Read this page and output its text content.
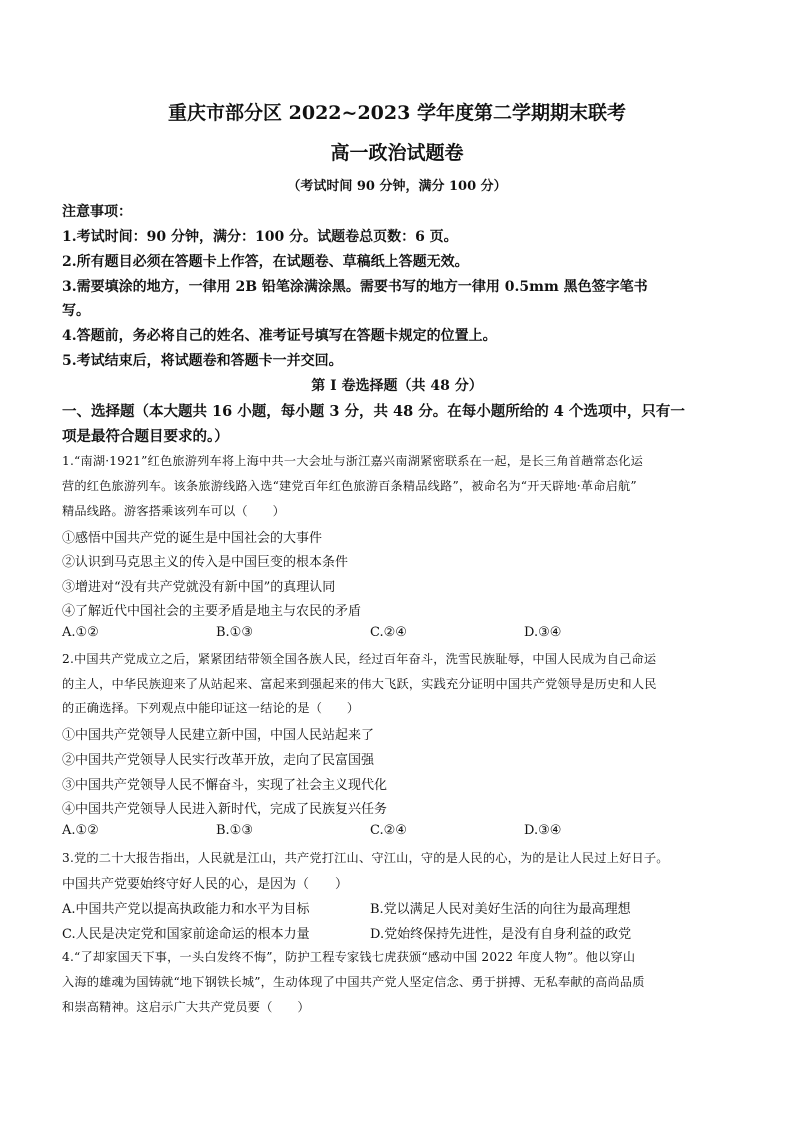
重庆市部分区 2022~2023 学年度第二学期期末联考
高一政治试题卷
（考试时间 90 分钟，满分 100 分）
注意事项：
1.考试时间：90 分钟，满分：100 分。试题卷总页数：6 页。
2.所有题目必须在答题卡上作答，在试题卷、草稿纸上答题无效。
3.需要填涂的地方，一律用 2B 铅笔涂满涂黑。需要书写的地方一律用 0.5mm 黑色签字笔书
写。
4.答题前，务必将自己的姓名、准考证号填写在答题卡规定的位置上。
5.考试结束后，将试题卷和答题卡一并交回。
第 I 卷选择题（共 48 分）
一、选择题（本大题共 16 小题，每小题 3 分，共 48 分。在每小题所给的 4 个选项中，只有一
项是最符合题目要求的。）
1.“南湖·1921”红色旅游列车将上海中共一大会址与浙江嘉兴南湖紧密联系在一起，是长三角首趟常态化运
营的红色旅游列车。该条旅游线路入选“建党百年红色旅游百条精品线路”，被命名为“开天辟地·革命启航”
精品线路。游客搭乘该列车可以（　　）
①感悟中国共产党的诞生是中国社会的大事件
②认识到马克思主义的传入是中国巨变的根本条件
③增进对“没有共产党就没有新中国”的真理认同
④了解近代中国社会的主要矛盾是地主与农民的矛盾
A.①②	B.①③	C.②④	D.③④
2.中国共产党成立之后，紧紧团结带领全国各族人民，经过百年奋斗，洗雪民族耻辱，中国人民成为自己命运
的主人，中华民族迎来了从站起来、富起来到强起来的伟大飞跃，实践充分证明中国共产党领导是历史和人民
的正确选择。下列观点中能印证这一结论的是（　　）
①中国共产党领导人民建立新中国，中国人民站起来了
②中国共产党领导人民实行改革开放，走向了民富国强
③中国共产党领导人民不懈奋斗，实现了社会主义现代化
④中国共产党领导人民进入新时代，完成了民族复兴任务
A.①②	B.①③	C.②④	D.③④
3.党的二十大报告指出，人民就是江山，共产党打江山、守江山，守的是人民的心，为的是让人民过上好日子。
中国共产党要始终守好人民的心，是因为（　　）
A.中国共产党以提高执政能力和水平为目标	B.党以满足人民对美好生活的向往为最高理想
C.人民是决定党和国家前途命运的根本力量	D.党始终保持先进性，是没有自身利益的政党
4.“了却家国天下事，一头白发终不悔”，防护工程专家钱七虎获颁“感动中国 2022 年度人物”。他以穿山
入海的雄魂为国铸就“地下钢铁长城”，生动体现了中国共产党人坚定信念、勇于拼搏、无私奉献的高尚品质
和崇高精神。这启示广大共产党员要（　　）
